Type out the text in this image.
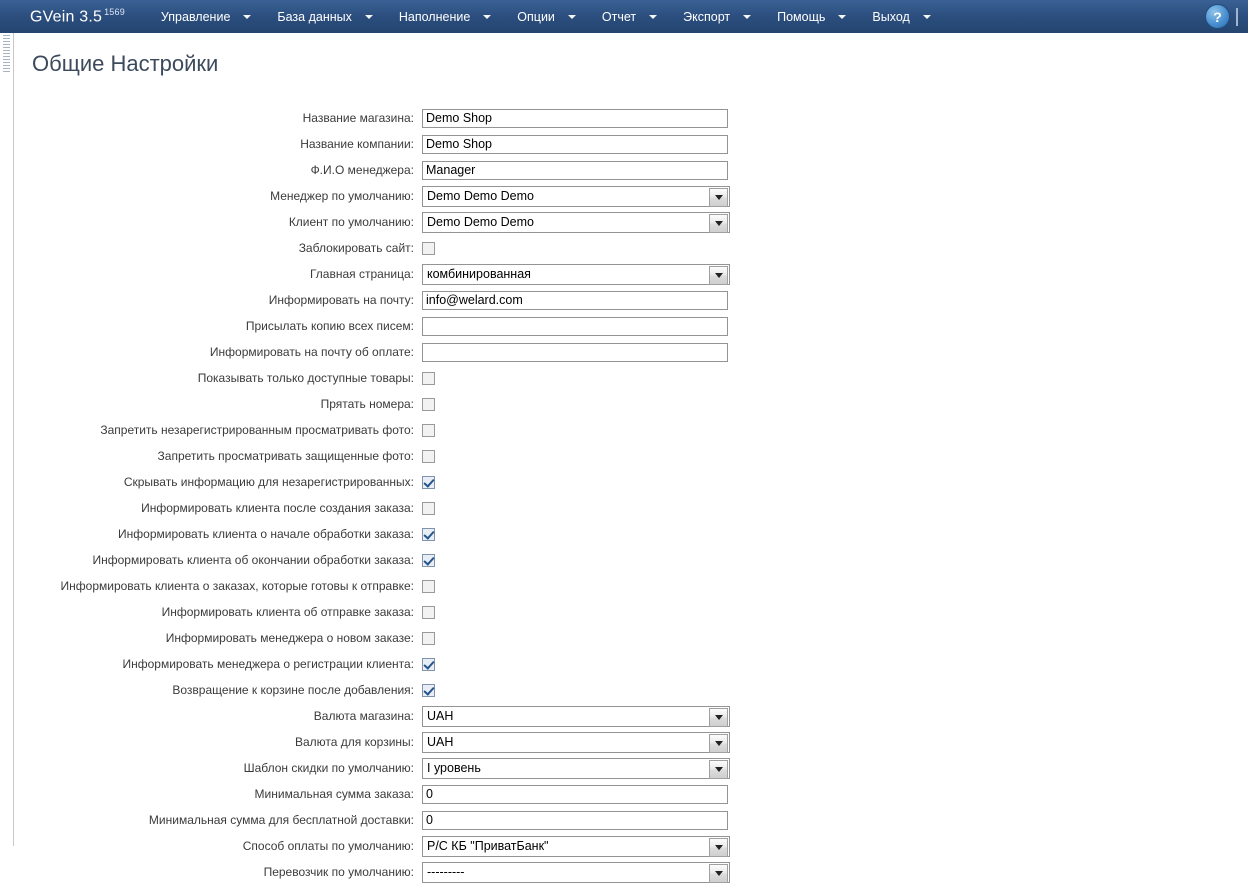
GVein 3.5 $^{1569}$	Управление	База данных	Наполнение	Опции	Отчет	Экспорт	Помощь	Выход	?
Общие Настройки
Название магазина:
Demo Shop
Название компании:
Demo Shop
Ф.И.О менеджера:
Manager
Менеджер по умолчанию:	Demo Demo Demo
Клиент по умолчанию:	Demo Demo Demo
Заблокировать сайт:
Главная страница:	комбинированная
Информировать на почту:
info@welard.com
Присылать копию всех писем:
Информировать на почту об оплате:
Показывать только доступные товары:
Прятать номера:
Запретить незарегистрированным просматривать фото:
Запретить просматривать защищенные фото:
Скрывать информацию для незарегистрированных:
Информировать клиента после создания заказа:
Информировать клиента о начале обработки заказа:
Информировать клиента об окончании обработки заказа:
Информировать клиента о заказах, которые готовы к отправке:
Информировать клиента об отправке заказа:
Информировать менеджера о новом заказе:
Информировать менеджера о регистрации клиента:
Возвращение к корзине после добавления:
Валюта магазина:	UAH
Валюта для корзины:	UAH
Шаблон скидки по умолчанию:	I уровень
Минимальная сумма заказа:
0
Минимальная сумма для бесплатной доставки:
0
Способ оплаты по умолчанию:	Р/С КБ "ПриватБанк"
Перевозчик по умолчанию:	---------
